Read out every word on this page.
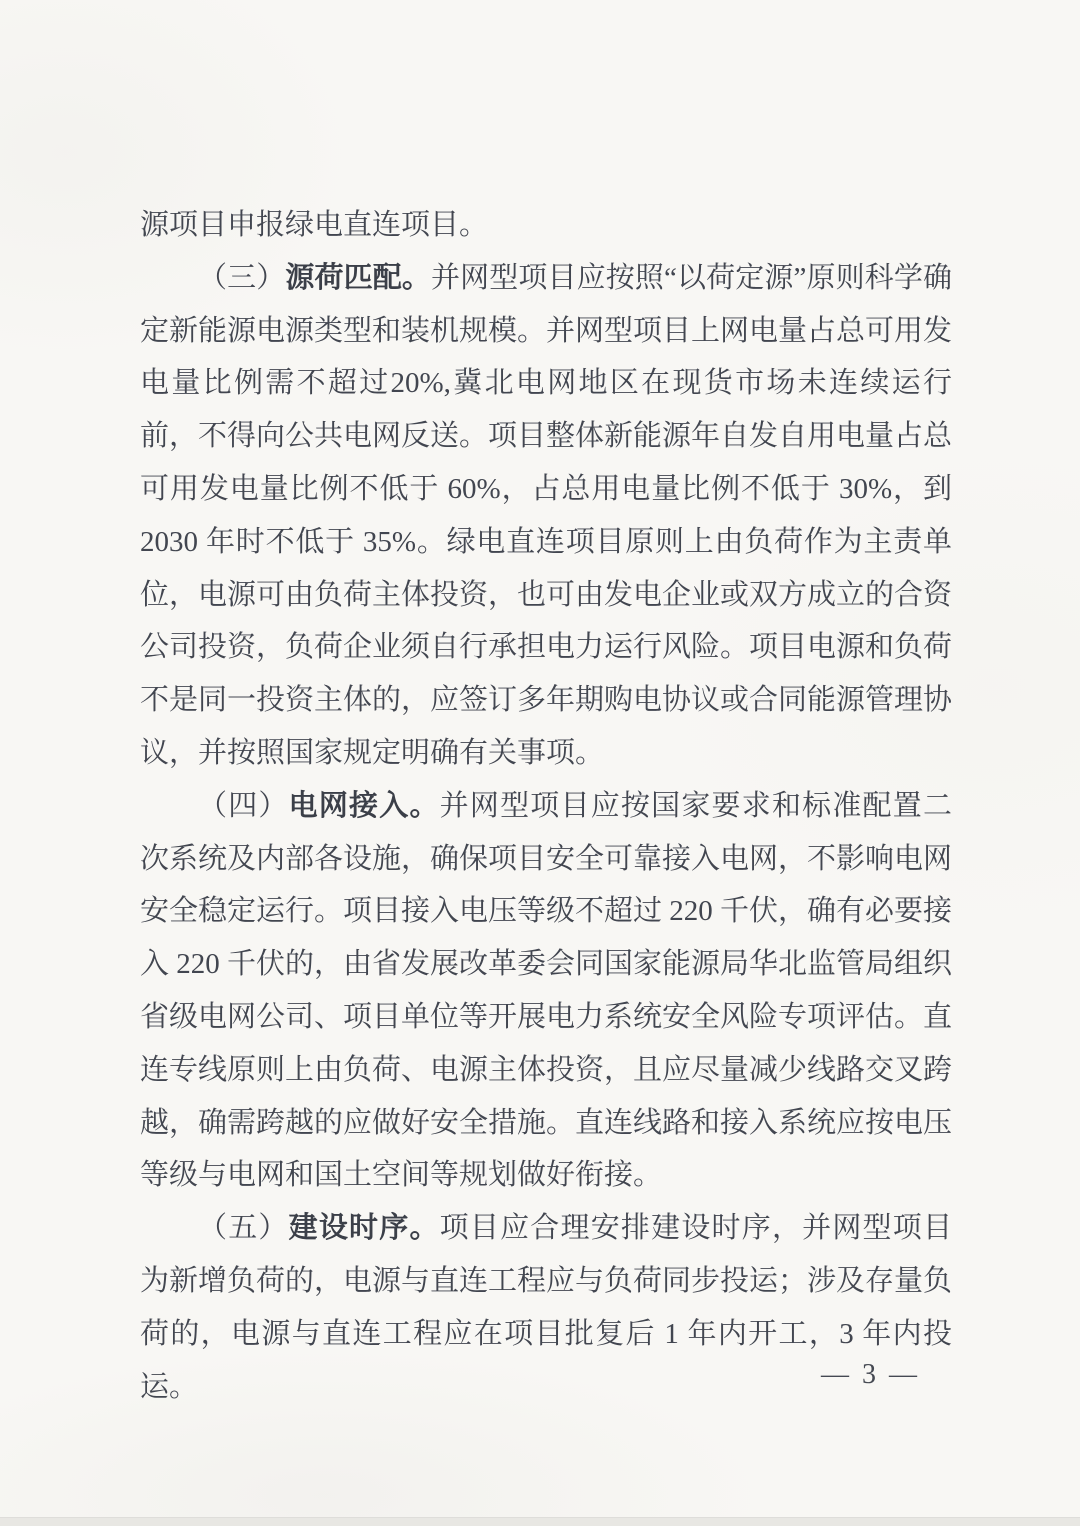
源项目申报绿电直连项目。

（三）源荷匹配。并网型项目应按照“以荷定源”原则科学确定新能源电源类型和装机规模。并网型项目上网电量占总可用发电量比例需不超过20%,冀北电网地区在现货市场未连续运行前，不得向公共电网反送。项目整体新能源年自发自用电量占总可用发电量比例不低于 60%，占总用电量比例不低于 30%，到 2030 年时不低于 35%。绿电直连项目原则上由负荷作为主责单位，电源可由负荷主体投资，也可由发电企业或双方成立的合资公司投资，负荷企业须自行承担电力运行风险。项目电源和负荷不是同一投资主体的，应签订多年期购电协议或合同能源管理协议，并按照国家规定明确有关事项。

（四）电网接入。并网型项目应按国家要求和标准配置二次系统及内部各设施，确保项目安全可靠接入电网，不影响电网安全稳定运行。项目接入电压等级不超过 220 千伏，确有必要接入 220 千伏的，由省发展改革委会同国家能源局华北监管局组织省级电网公司、项目单位等开展电力系统安全风险专项评估。直连专线原则上由负荷、电源主体投资，且应尽量减少线路交叉跨越，确需跨越的应做好安全措施。直连线路和接入系统应按电压等级与电网和国土空间等规划做好衔接。

（五）建设时序。项目应合理安排建设时序，并网型项目为新增负荷的，电源与直连工程应与负荷同步投运；涉及存量负荷的，电源与直连工程应在项目批复后 1 年内开工，3 年内投运。	— 3 —
